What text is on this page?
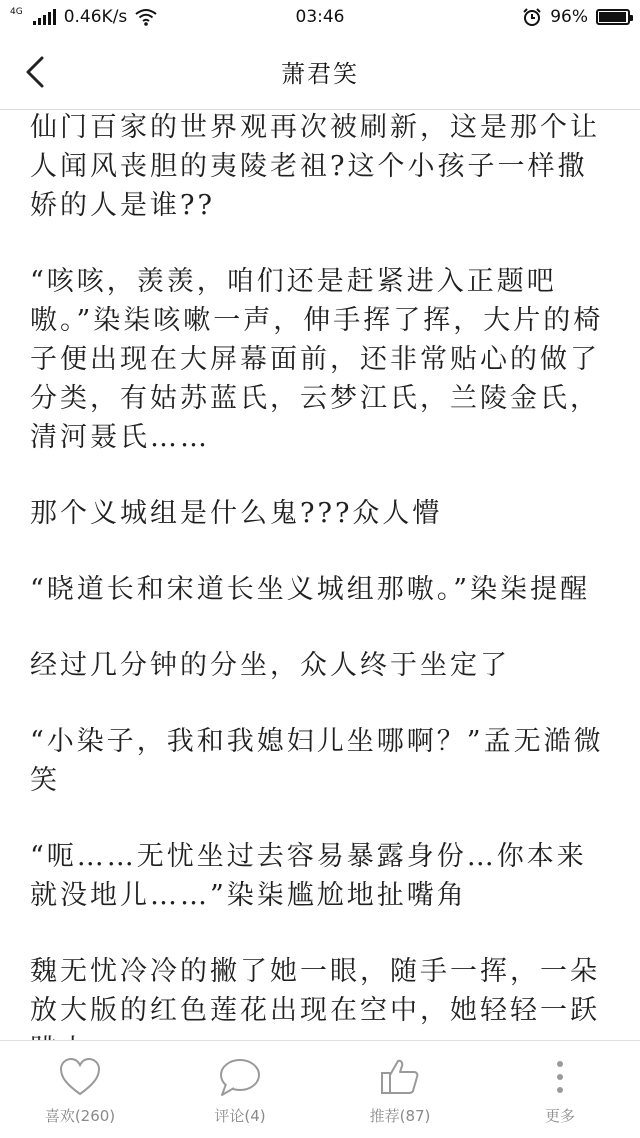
4G 0.46K/s	03:46	96%
萧君笑

仙门百家的世界观再次被刷新，这是那个让人闻风丧胆的夷陵老祖?这个小孩子一样撒娇的人是谁??

“咳咳，羡羡，咱们还是赶紧进入正题吧嗷。”染柒咳嗽一声，伸手挥了挥，大片的椅子便出现在大屏幕面前，还非常贴心的做了分类，有姑苏蓝氏，云梦江氏，兰陵金氏，清河聂氏……

那个义城组是什么鬼???众人懵

“晓道长和宋道长坐义城组那嗷。”染柒提醒

经过几分钟的分坐，众人终于坐定了

“小染子，我和我媳妇儿坐哪啊？”孟无澔微笑

“呃……无忧坐过去容易暴露身份…你本来就没地儿……”染柒尴尬地扯嘴角

魏无忧冷冷的撇了她一眼，随手一挥，一朵放大版的红色莲花出现在空中，她轻轻一跃

喜欢(260)	评论(4)	推荐(87)	更多
